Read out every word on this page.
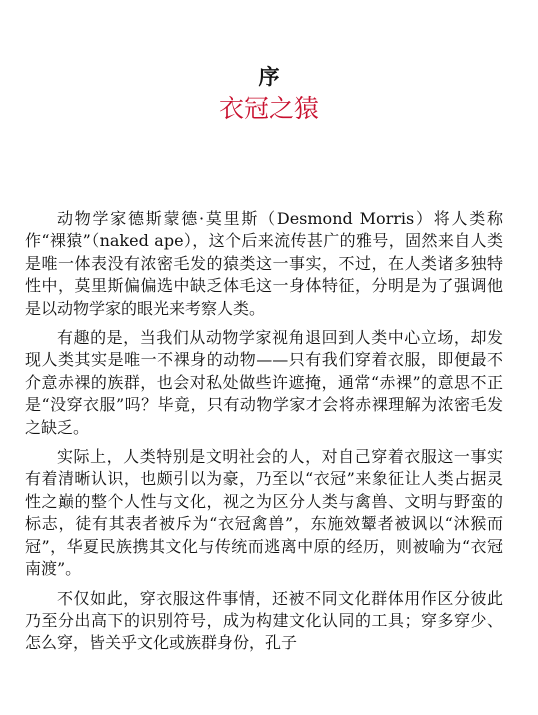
序
衣冠之猿

动物学家德斯蒙德·莫里斯（Desmond Morris）将人类称作“裸猿”（naked ape），这个后来流传甚广的雅号，固然来自人类是唯一体表没有浓密毛发的猿类这一事实，不过，在人类诸多独特性中，莫里斯偏偏选中缺乏体毛这一身体特征，分明是为了强调他是以动物学家的眼光来考察人类。

有趣的是，当我们从动物学家视角退回到人类中心立场，却发现人类其实是唯一不裸身的动物——只有我们穿着衣服，即便最不介意赤裸的族群，也会对私处做些许遮掩，通常“赤裸”的意思不正是“没穿衣服”吗？毕竟，只有动物学家才会将赤裸理解为浓密毛发之缺乏。

实际上，人类特别是文明社会的人，对自己穿着衣服这一事实有着清晰认识，也颇引以为豪，乃至以“衣冠”来象征让人类占据灵性之巅的整个人性与文化，视之为区分人类与禽兽、文明与野蛮的标志，徒有其表者被斥为“衣冠禽兽”，东施效颦者被讽以“沐猴而冠”，华夏民族携其文化与传统而逃离中原的经历，则被喻为“衣冠南渡”。

不仅如此，穿衣服这件事情，还被不同文化群体用作区分彼此乃至分出高下的识别符号，成为构建文化认同的工具；穿多穿少、怎么穿，皆关乎文化或族群身份，孔子
